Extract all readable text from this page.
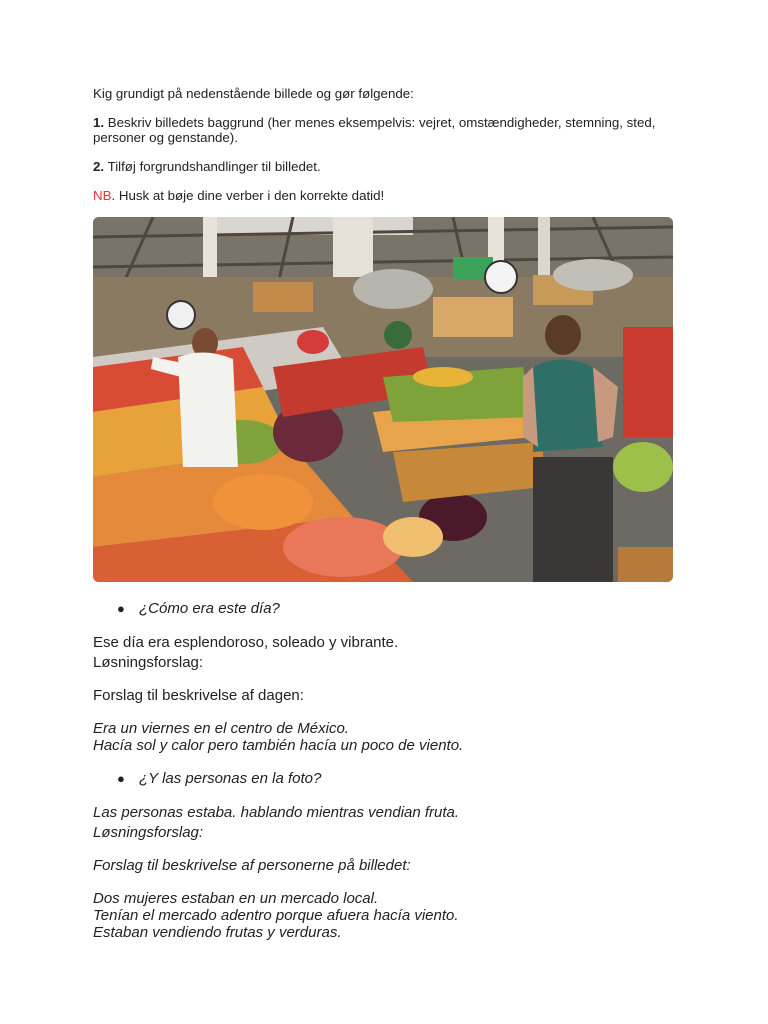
Kig grundigt på nedenstående billede og gør følgende:

1. Beskriv billedets baggrund (her menes eksempelvis: vejret, omstændigheder, stemning, sted, personer og genstande).

2. Tilføj forgrundshandlinger til billedet.

NB. Husk at bøje dine verber i den korrekte datid!

● ¿Cómo era este día?

Ese día era esplendoroso, soleado y vibrante.

Løsningsforslag:

Forslag til beskrivelse af dagen:

Era un viernes en el centro de México.

Hacía sol y calor pero también hacía un poco de viento.

● ¿Y las personas en la foto?

Las personas estaba. hablando mientras vendian fruta.

Løsningsforslag:

Forslag til beskrivelse af personerne på billedet:

Dos mujeres estaban en un mercado local.

Tenían el mercado adentro porque afuera hacía viento.

Estaban vendiendo frutas y verduras.
